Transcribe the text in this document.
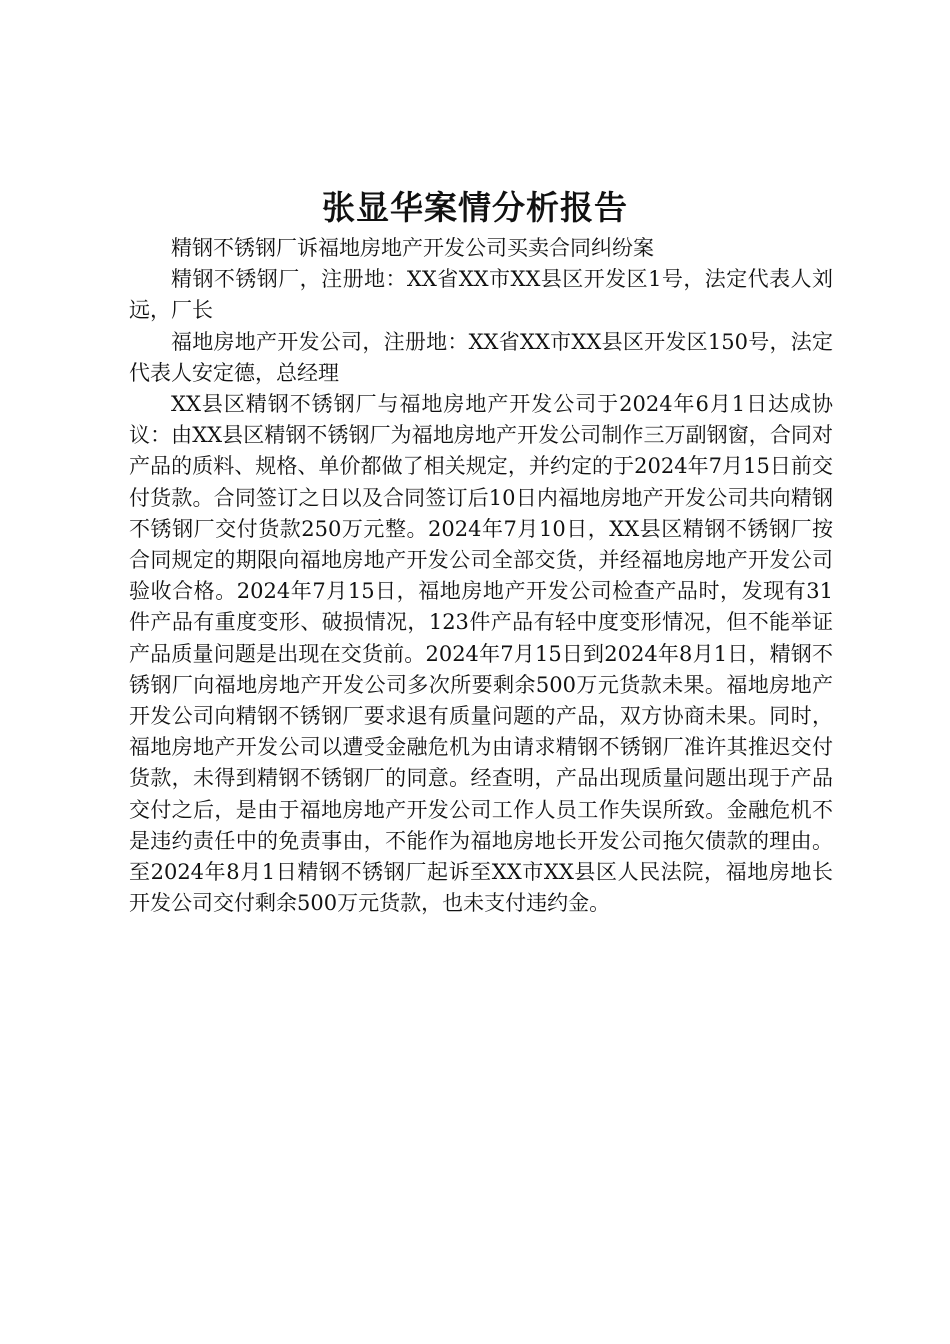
张显华案情分析报告

精钢不锈钢厂诉福地房地产开发公司买卖合同纠纷案

精钢不锈钢厂，注册地：XX省XX市XX县区开发区1号，法定代表人刘远，厂长

福地房地产开发公司，注册地：XX省XX市XX县区开发区150号，法定代表人安定德，总经理

XX县区精钢不锈钢厂与福地房地产开发公司于2024年6月1日达成协议：由XX县区精钢不锈钢厂为福地房地产开发公司制作三万副钢窗，合同对产品的质料、规格、单价都做了相关规定，并约定的于2024年7月15日前交付货款。合同签订之日以及合同签订后10日内福地房地产开发公司共向精钢不锈钢厂交付货款250万元整。2024年7月10日，XX县区精钢不锈钢厂按合同规定的期限向福地房地产开发公司全部交货，并经福地房地产开发公司验收合格。2024年7月15日，福地房地产开发公司检查产品时，发现有31件产品有重度变形、破损情况，123件产品有轻中度变形情况，但不能举证产品质量问题是出现在交货前。2024年7月15日到2024年8月1日，精钢不锈钢厂向福地房地产开发公司多次所要剩余500万元货款未果。福地房地产开发公司向精钢不锈钢厂要求退有质量问题的产品，双方协商未果。同时，福地房地产开发公司以遭受金融危机为由请求精钢不锈钢厂准许其推迟交付货款，未得到精钢不锈钢厂的同意。经查明，产品出现质量问题出现于产品交付之后，是由于福地房地产开发公司工作人员工作失误所致。金融危机不是违约责任中的免责事由，不能作为福地房地长开发公司拖欠债款的理由。至2024年8月1日精钢不锈钢厂起诉至XX市XX县区人民法院，福地房地长开发公司交付剩余500万元货款，也未支付违约金。
